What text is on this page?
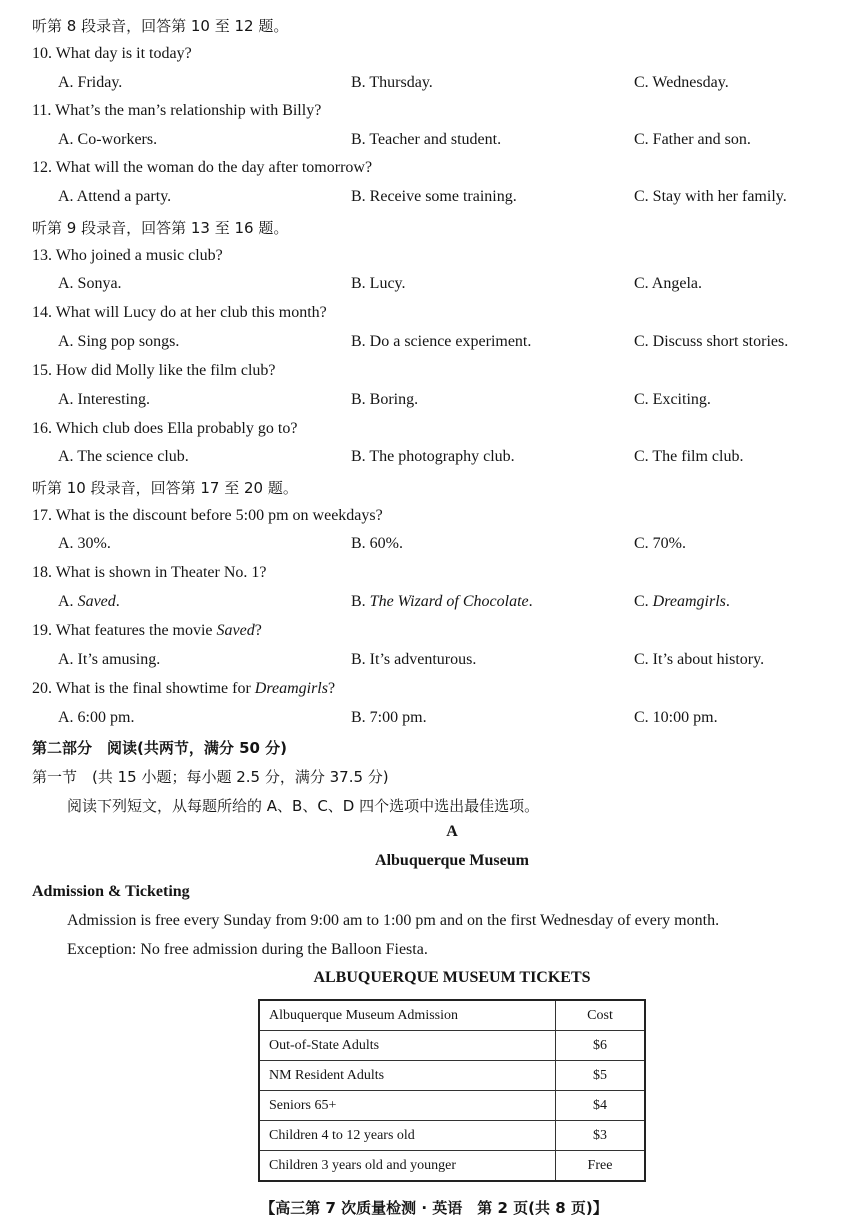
听第 8 段录音，回答第 10 至 12 题。
10. What day is it today?
A. Friday.	B. Thursday.	C. Wednesday.
11. What’s the man’s relationship with Billy?
A. Co-workers.	B. Teacher and student.	C. Father and son.
12. What will the woman do the day after tomorrow?
A. Attend a party.	B. Receive some training.	C. Stay with her family.
听第 9 段录音，回答第 13 至 16 题。
13. Who joined a music club?
A. Sonya.	B. Lucy.	C. Angela.
14. What will Lucy do at her club this month?
A. Sing pop songs.	B. Do a science experiment.	C. Discuss short stories.
15. How did Molly like the film club?
A. Interesting.	B. Boring.	C. Exciting.
16. Which club does Ella probably go to?
A. The science club.	B. The photography club.	C. The film club.
听第 10 段录音，回答第 17 至 20 题。
17. What is the discount before 5:00 pm on weekdays?
A. 30%.	B. 60%.	C. 70%.
18. What is shown in Theater No. 1?
A. Saved.	B. The Wizard of Chocolate.	C. Dreamgirls.
19. What features the movie Saved?
A. It’s amusing.	B. It’s adventurous.	C. It’s about history.
20. What is the final showtime for Dreamgirls?
A. 6:00 pm.	B. 7:00 pm.	C. 10:00 pm.
第二部分　阅读(共两节，满分 50 分)
第一节　(共 15 小题；每小题 2.5 分，满分 37.5 分)
阅读下列短文，从每题所给的 A、B、C、D 四个选项中选出最佳选项。
A
Albuquerque Museum
Admission & Ticketing
Admission is free every Sunday from 9:00 am to 1:00 pm and on the first Wednesday of every month.
Exception: No free admission during the Balloon Fiesta.
ALBUQUERQUE MUSEUM TICKETS
Albuquerque Museum Admission	Cost
Out-of-State Adults	$6
NM Resident Adults	$5
Seniors 65+	$4
Children 4 to 12 years old	$3
Children 3 years old and younger	Free
【高三第 7 次质量检测 · 英语　第 2 页(共 8 页)】
